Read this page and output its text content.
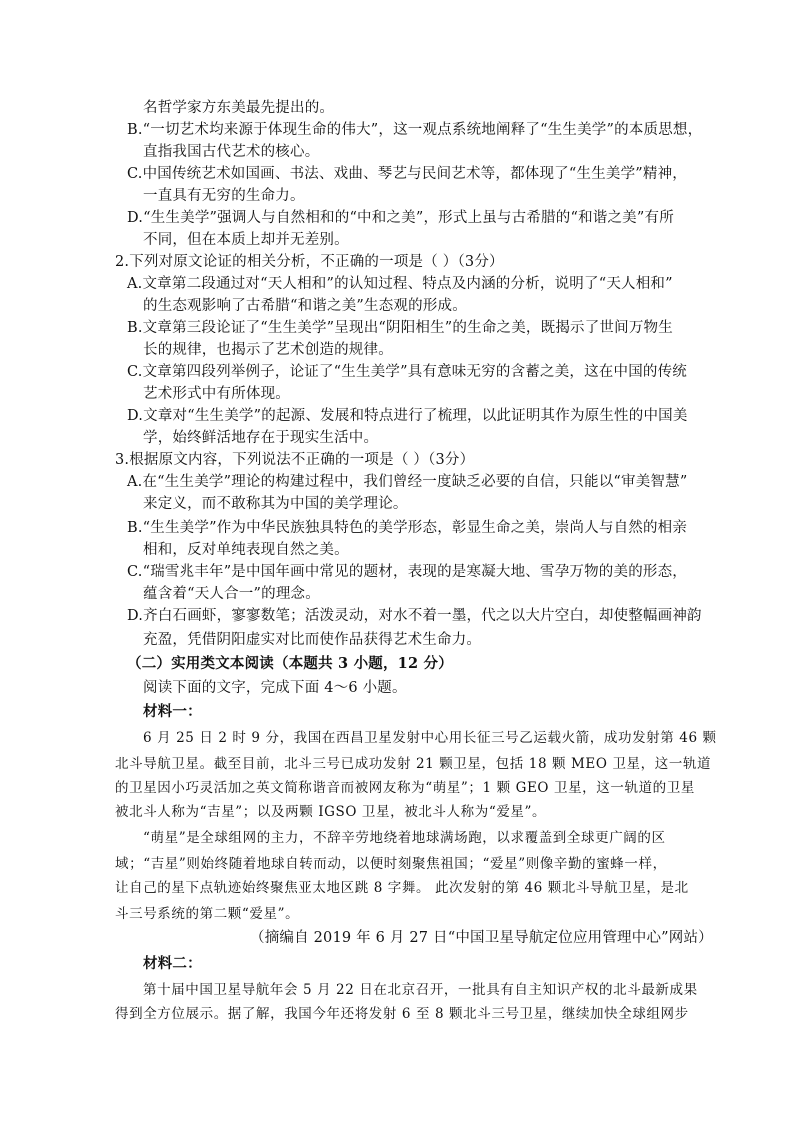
名哲学家方东美最先提出的。
B.“一切艺术均来源于体现生命的伟大”，这一观点系统地阐释了“生生美学”的本质思想，
直指我国古代艺术的核心。
C.中国传统艺术如国画、书法、戏曲、琴艺与民间艺术等，都体现了“生生美学”精神，
一直具有无穷的生命力。
D.“生生美学”强调人与自然相和的“中和之美”，形式上虽与古希腊的“和谐之美”有所
不同，但在本质上却并无差别。
2.下列对原文论证的相关分析，不正确的一项是（ ）（3分）
A.文章第二段通过对“天人相和”的认知过程、特点及内涵的分析，说明了“天人相和”
的生态观影响了古希腊“和谐之美”生态观的形成。
B.文章第三段论证了“生生美学”呈现出“阴阳相生”的生命之美，既揭示了世间万物生
长的规律，也揭示了艺术创造的规律。
C.文章第四段列举例子，论证了“生生美学”具有意味无穷的含蓄之美，这在中国的传统
艺术形式中有所体现。
D.文章对“生生美学”的起源、发展和特点进行了梳理，以此证明其作为原生性的中国美
学，始终鲜活地存在于现实生活中。
3.根据原文内容，下列说法不正确的一项是（ ）（3分）
A.在“生生美学”理论的构建过程中，我们曾经一度缺乏必要的自信，只能以“审美智慧”
来定义，而不敢称其为中国的美学理论。
B.“生生美学”作为中华民族独具特色的美学形态，彰显生命之美，崇尚人与自然的相亲
相和，反对单纯表现自然之美。
C.“瑞雪兆丰年”是中国年画中常见的题材，表现的是寒凝大地、雪孕万物的美的形态，
蕴含着“天人合一”的理念。
D.齐白石画虾，寥寥数笔；活泼灵动，对水不着一墨，代之以大片空白，却使整幅画神韵
充盈，凭借阴阳虚实对比而使作品获得艺术生命力。
（二）实用类文本阅读（本题共 3 小题，12 分）
阅读下面的文字，完成下面 4～6 小题。
材料一：
6 月 25 日 2 时 9 分，我国在西昌卫星发射中心用长征三号乙运载火箭，成功发射第 46 颗
北斗导航卫星。截至目前，北斗三号已成功发射 21 颗卫星，包括 18 颗 MEO 卫星，这一轨道
的卫星因小巧灵活加之英文简称谐音而被网友称为“萌星”；1 颗 GEO 卫星，这一轨道的卫星
被北斗人称为“吉星”；以及两颗 IGSO 卫星，被北斗人称为“爱星”。
“萌星”是全球组网的主力，不辞辛劳地绕着地球满场跑，以求覆盖到全球更广阔的区
域；“吉星”则始终随着地球自转而动，以便时刻聚焦祖国；“爱星”则像辛勤的蜜蜂一样，
让自己的星下点轨迹始终聚焦亚太地区跳 8 字舞。 此次发射的第 46 颗北斗导航卫星，是北
斗三号系统的第二颗“爱星”。
（摘编自 2019 年 6 月 27 日“中国卫星导航定位应用管理中心”网站）
材料二：
第十届中国卫星导航年会 5 月 22 日在北京召开，一批具有自主知识产权的北斗最新成果
得到全方位展示。据了解，我国今年还将发射 6 至 8 颗北斗三号卫星，继续加快全球组网步
